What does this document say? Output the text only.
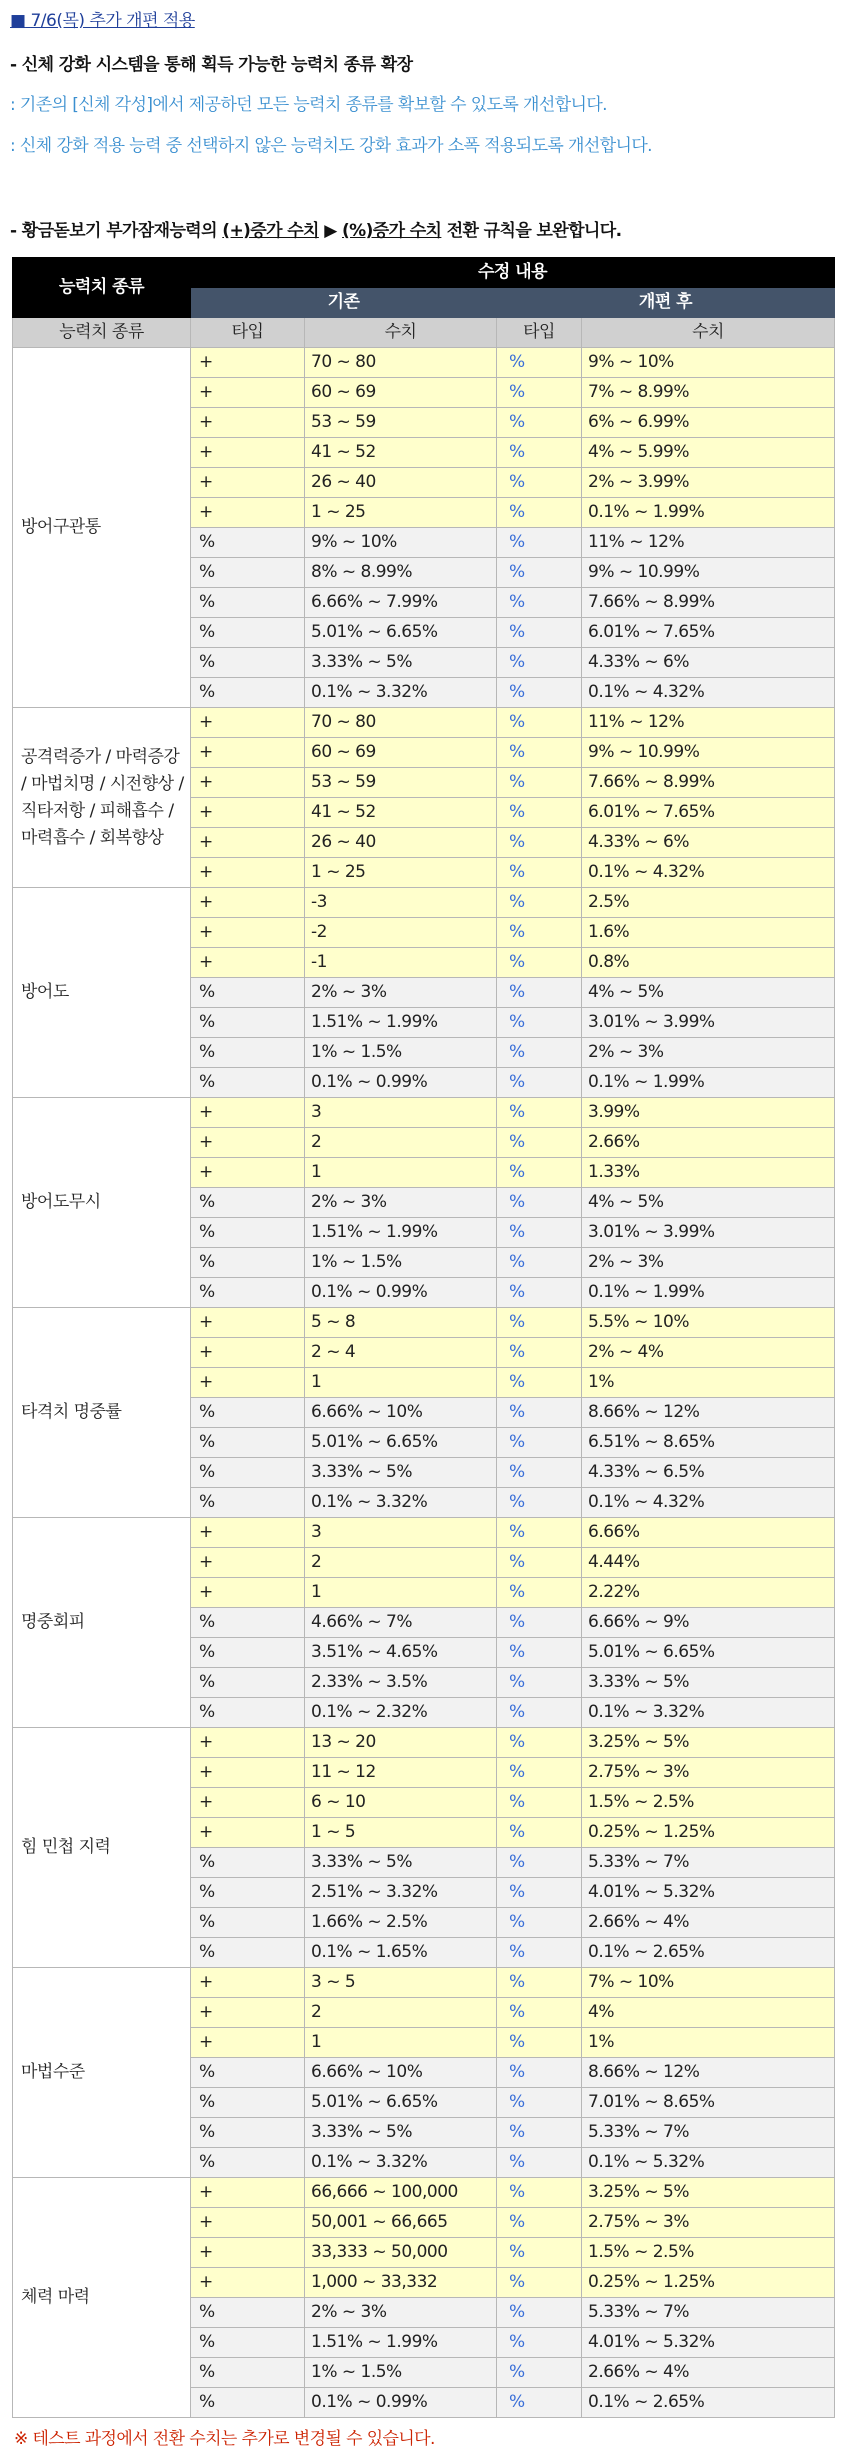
■ 7/6(목) 추가 개편 적용
- 신체 강화 시스템을 통해 획득 가능한 능력치 종류 확장
: 기존의 [신체 각성]에서 제공하던 모든 능력치 종류를 확보할 수 있도록 개선합니다.
: 신체 강화 적용 능력 중 선택하지 않은 능력치도 강화 효과가 소폭 적용되도록 개선합니다.
- 황금돋보기 부가잠재능력의 (+)증가 수치 ▶ (%)증가 수치 전환 규칙을 보완합니다.
능력치 종류	수정 내용			
	기존		개편 후	
능력치 종류	타입	수치	타입	수치
방어구관통	+	70 ~ 80	%	9% ~ 10%
	+	60 ~ 69	%	7% ~ 8.99%
	+	53 ~ 59	%	6% ~ 6.99%
	+	41 ~ 52	%	4% ~ 5.99%
	+	26 ~ 40	%	2% ~ 3.99%
	+	1 ~ 25	%	0.1% ~ 1.99%
	%	9% ~ 10%	%	11% ~ 12%
	%	8% ~ 8.99%	%	9% ~ 10.99%
	%	6.66% ~ 7.99%	%	7.66% ~ 8.99%
	%	5.01% ~ 6.65%	%	6.01% ~ 7.65%
	%	3.33% ~ 5%	%	4.33% ~ 6%
	%	0.1% ~ 3.32%	%	0.1% ~ 4.32%
공격력증가 / 마력증강 / 마법치명 / 시전향상 / 직타저항 / 피해흡수 / 마력흡수 / 회복향상	+	70 ~ 80	%	11% ~ 12%
	+	60 ~ 69	%	9% ~ 10.99%
	+	53 ~ 59	%	7.66% ~ 8.99%
	+	41 ~ 52	%	6.01% ~ 7.65%
	+	26 ~ 40	%	4.33% ~ 6%
	+	1 ~ 25	%	0.1% ~ 4.32%
방어도	+	-3	%	2.5%
	+	-2	%	1.6%
	+	-1	%	0.8%
	%	2% ~ 3%	%	4% ~ 5%
	%	1.51% ~ 1.99%	%	3.01% ~ 3.99%
	%	1% ~ 1.5%	%	2% ~ 3%
	%	0.1% ~ 0.99%	%	0.1% ~ 1.99%
방어도무시	+	3	%	3.99%
	+	2	%	2.66%
	+	1	%	1.33%
	%	2% ~ 3%	%	4% ~ 5%
	%	1.51% ~ 1.99%	%	3.01% ~ 3.99%
	%	1% ~ 1.5%	%	2% ~ 3%
	%	0.1% ~ 0.99%	%	0.1% ~ 1.99%
타격치 명중률	+	5 ~ 8	%	5.5% ~ 10%
	+	2 ~ 4	%	2% ~ 4%
	+	1	%	1%
	%	6.66% ~ 10%	%	8.66% ~ 12%
	%	5.01% ~ 6.65%	%	6.51% ~ 8.65%
	%	3.33% ~ 5%	%	4.33% ~ 6.5%
	%	0.1% ~ 3.32%	%	0.1% ~ 4.32%
명중회피	+	3	%	6.66%
	+	2	%	4.44%
	+	1	%	2.22%
	%	4.66% ~ 7%	%	6.66% ~ 9%
	%	3.51% ~ 4.65%	%	5.01% ~ 6.65%
	%	2.33% ~ 3.5%	%	3.33% ~ 5%
	%	0.1% ~ 2.32%	%	0.1% ~ 3.32%
힘 민첩 지력	+	13 ~ 20	%	3.25% ~ 5%
	+	11 ~ 12	%	2.75% ~ 3%
	+	6 ~ 10	%	1.5% ~ 2.5%
	+	1 ~ 5	%	0.25% ~ 1.25%
	%	3.33% ~ 5%	%	5.33% ~ 7%
	%	2.51% ~ 3.32%	%	4.01% ~ 5.32%
	%	1.66% ~ 2.5%	%	2.66% ~ 4%
	%	0.1% ~ 1.65%	%	0.1% ~ 2.65%
마법수준	+	3 ~ 5	%	7% ~ 10%
	+	2	%	4%
	+	1	%	1%
	%	6.66% ~ 10%	%	8.66% ~ 12%
	%	5.01% ~ 6.65%	%	7.01% ~ 8.65%
	%	3.33% ~ 5%	%	5.33% ~ 7%
	%	0.1% ~ 3.32%	%	0.1% ~ 5.32%
체력 마력	+	66,666 ~ 100,000	%	3.25% ~ 5%
	+	50,001 ~ 66,665	%	2.75% ~ 3%
	+	33,333 ~ 50,000	%	1.5% ~ 2.5%
	+	1,000 ~ 33,332	%	0.25% ~ 1.25%
	%	2% ~ 3%	%	5.33% ~ 7%
	%	1.51% ~ 1.99%	%	4.01% ~ 5.32%
	%	1% ~ 1.5%	%	2.66% ~ 4%
	%	0.1% ~ 0.99%	%	0.1% ~ 2.65%
※ 테스트 과정에서 전환 수치는 추가로 변경될 수 있습니다.
